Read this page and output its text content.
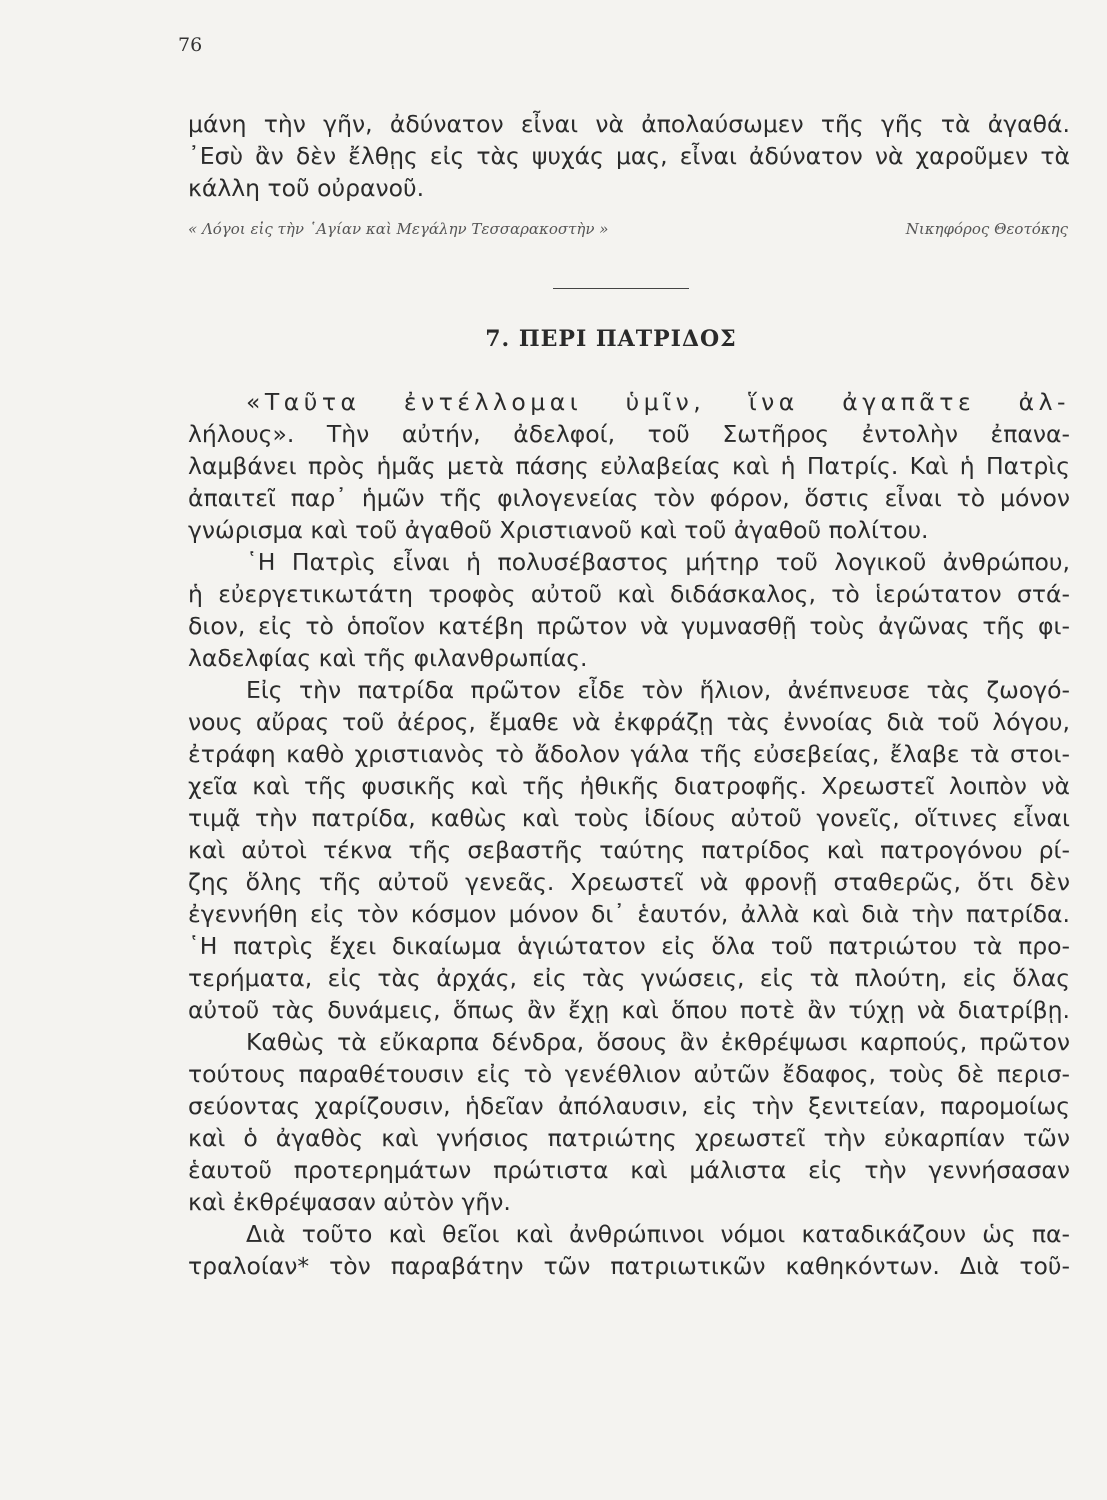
76
μάνη τὴν γῆν, ἀδύνατον εἶναι νὰ ἀπολαύσωμεν τῆς γῆς τὰ ἀγαθά.
᾿Εσὺ ἂν δὲν ἔλθῃς εἰς τὰς ψυχάς μας, εἶναι ἀδύνατον νὰ χαροῦμεν τὰ
κάλλη τοῦ οὐρανοῦ.
« Λόγοι εἰς τὴν ῾Αγίαν καὶ Μεγάλην Τεσσαρακοστὴν »	Νικηφόρος Θεοτόκης
7. ΠΕΡΙ ΠΑΤΡΙΔΟΣ
«Ταῦτα ἐντέλλομαι ὑμῖν, ἵνα ἀγαπᾶτε ἀλ-
λήλους». Τὴν αὐτήν, ἀδελφοί, τοῦ Σωτῆρος ἐντολὴν ἐπανα-
λαμβάνει πρὸς ἡμᾶς μετὰ πάσης εὐλαβείας καὶ ἡ Πατρίς. Καὶ ἡ Πατρὶς
ἀπαιτεῖ παρ᾿ ἡμῶν τῆς φιλογενείας τὸν φόρον, ὅστις εἶναι τὸ μόνον
γνώρισμα καὶ τοῦ ἀγαθοῦ Χριστιανοῦ καὶ τοῦ ἀγαθοῦ πολίτου.
῾Η Πατρὶς εἶναι ἡ πολυσέβαστος μήτηρ τοῦ λογικοῦ ἀνθρώπου,
ἡ εὐεργετικωτάτη τροφὸς αὐτοῦ καὶ διδάσκαλος, τὸ ἱερώτατον στά-
διον, εἰς τὸ ὁποῖον κατέβη πρῶτον νὰ γυμνασθῇ τοὺς ἀγῶνας τῆς φι-
λαδελφίας καὶ τῆς φιλανθρωπίας.
Εἰς τὴν πατρίδα πρῶτον εἶδε τὸν ἥλιον, ἀνέπνευσε τὰς ζωογό-
νους αὔρας τοῦ ἀέρος, ἔμαθε νὰ ἐκφράζῃ τὰς ἐννοίας διὰ τοῦ λόγου,
ἐτράφη καθὸ χριστιανὸς τὸ ἄδολον γάλα τῆς εὐσεβείας, ἔλαβε τὰ στοι-
χεῖα καὶ τῆς φυσικῆς καὶ τῆς ἠθικῆς διατροφῆς. Χρεωστεῖ λοιπὸν νὰ
τιμᾷ τὴν πατρίδα, καθὼς καὶ τοὺς ἰδίους αὐτοῦ γονεῖς, οἵτινες εἶναι
καὶ αὐτοὶ τέκνα τῆς σεβαστῆς ταύτης πατρίδος καὶ πατρογόνου ρί-
ζης ὅλης τῆς αὐτοῦ γενεᾶς. Χρεωστεῖ νὰ φρονῇ σταθερῶς, ὅτι δὲν
ἐγεννήθη εἰς τὸν κόσμον μόνον δι᾿ ἑαυτόν, ἀλλὰ καὶ διὰ τὴν πατρίδα.
῾Η πατρὶς ἔχει δικαίωμα ἁγιώτατον εἰς ὅλα τοῦ πατριώτου τὰ προ-
τερήματα, εἰς τὰς ἀρχάς, εἰς τὰς γνώσεις, εἰς τὰ πλούτη, εἰς ὅλας
αὐτοῦ τὰς δυνάμεις, ὅπως ἂν ἔχῃ καὶ ὅπου ποτὲ ἂν τύχῃ νὰ διατρίβῃ.
Καθὼς τὰ εὔκαρπα δένδρα, ὅσους ἂν ἐκθρέψωσι καρπούς, πρῶτον
τούτους παραθέτουσιν εἰς τὸ γενέθλιον αὐτῶν ἔδαφος, τοὺς δὲ περισ-
σεύοντας χαρίζουσιν, ἡδεῖαν ἀπόλαυσιν, εἰς τὴν ξενιτείαν, παρομοίως
καὶ ὁ ἀγαθὸς καὶ γνήσιος πατριώτης χρεωστεῖ τὴν εὐκαρπίαν τῶν
ἑαυτοῦ προτερημάτων πρώτιστα καὶ μάλιστα εἰς τὴν γεννήσασαν
καὶ ἐκθρέψασαν αὐτὸν γῆν.
Διὰ τοῦτο καὶ θεῖοι καὶ ἀνθρώπινοι νόμοι καταδικάζουν ὡς πα-
τραλοίαν* τὸν παραβάτην τῶν πατριωτικῶν καθηκόντων. Διὰ τοῦ-
